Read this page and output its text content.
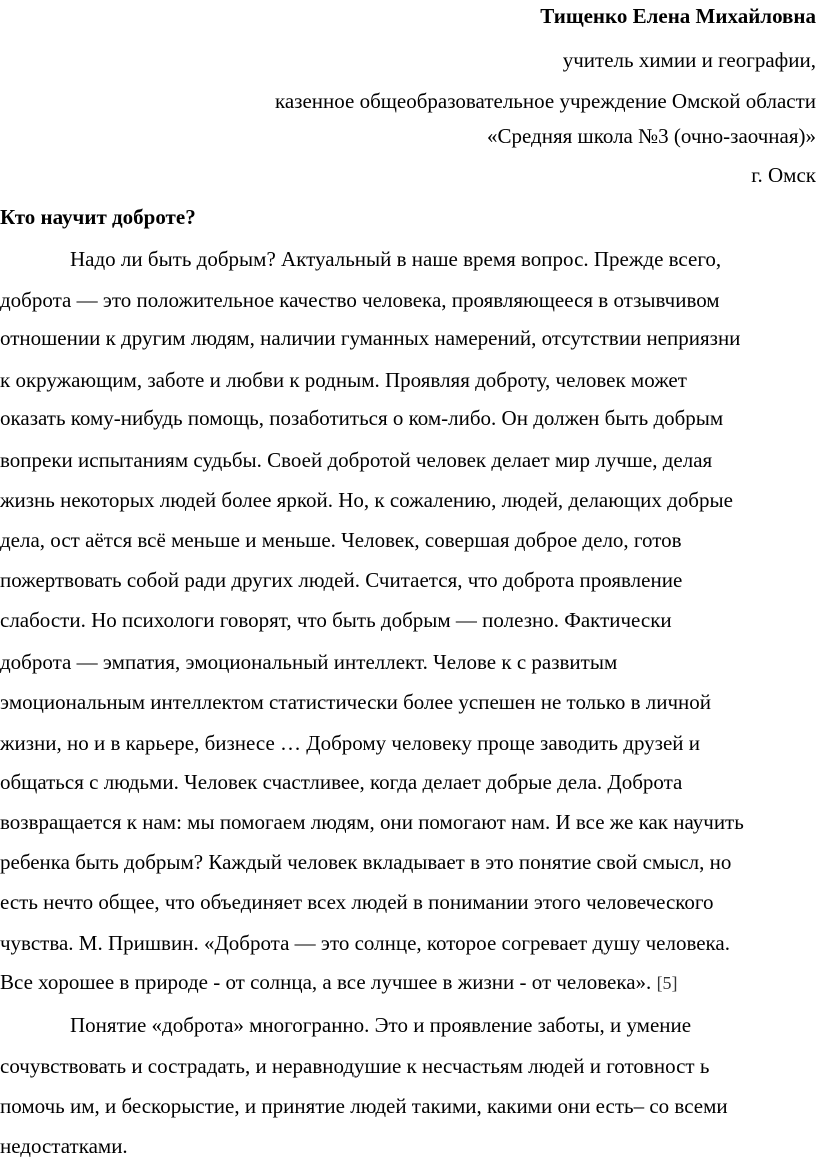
Тищенко Елена Михайловна
учитель химии и географии,
казенное общеобразовательное учреждение Омской области
«Средняя школа №3 (очно-заочная)»
г. Омск
Кто научит доброте?
Надо ли быть добрым? Актуальный в наше время вопрос. Прежде всего,
доброта — это положительное качество человека, проявляющееся в отзывчивом
отношении к другим людям, наличии гуманных намерений, отсутствии неприязни
к окружающим, заботе и любви к родным. Проявляя доброту, человек может
оказать кому-нибудь помощь, позаботиться о ком-либо. Он должен быть добрым
вопреки испытаниям судьбы. Своей добротой человек делает мир лучше, делая
жизнь некоторых людей более яркой. Но, к сожалению, людей, делающих добрые
дела, ост аётся всё меньше и меньше. Человек, совершая доброе дело, готов
пожертвовать собой ради других людей. Считается, что доброта проявление
слабости. Но психологи говорят, что быть добрым — полезно. Фактически
доброта — эмпатия, эмоциональный интеллект. Челове к с развитым
эмоциональным интеллектом статистически более успешен не только в личной
жизни, но и в карьере, бизнесе … Доброму человеку проще заводить друзей и
общаться с людьми. Человек счастливее, когда делает добрые дела. Доброта
возвращается к нам: мы помогаем людям, они помогают нам. И все же как научить
ребенка быть добрым? Каждый человек вкладывает в это понятие свой смысл, но
есть нечто общее, что объединяет всех людей в понимании этого человеческого
чувства. М. Пришвин. «Доброта — это солнце, которое согревает душу человека.
Все хорошее в природе - от солнца, а все лучшее в жизни - от человека». [5]
Понятие «доброта» многогранно. Это и проявление заботы, и умение
сочувствовать и сострадать, и неравнодушие к несчастьям людей и готовност ь
помочь им, и бескорыстие, и принятие людей такими, какими они есть– со всеми
недостатками.
